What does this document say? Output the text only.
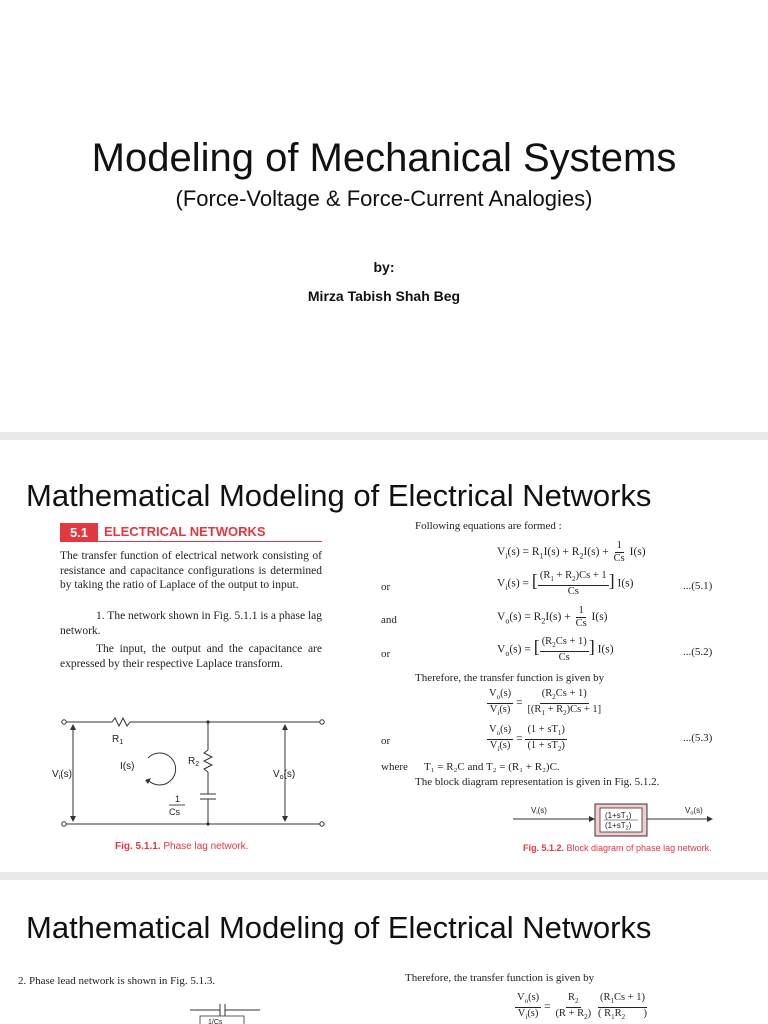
Modeling of Mechanical Systems
(Force-Voltage & Force-Current Analogies)
by:
Mirza Tabish Shah Beg
Mathematical Modeling of Electrical Networks
5.1	ELECTRICAL NETWORKS
The transfer function of electrical network consisting of resistance and capacitance configurations is determined by taking the ratio of Laplace of the output to input.
1. The network shown in Fig. 5.1.1 is a phase lag network.
The input, the output and the capacitance are expressed by their respective Laplace transform.
$R_1$
$R_2$
I(s)
1
Cs
$V_i(s)$	$V_o(s)$
Fig. 5.1.1. Phase lag network.
Following equations are formed :
$V_i(s) = R_1I(s) + R_2I(s) + \frac{1}{Cs} I(s)$
or	$V_i(s)$ = [ $\frac{(R_1 + R_2)Cs + 1}{Cs}$ ] I(s)	...(5.1)
and	$V_o(s) = R_2I(s) + \frac{1}{Cs} I(s)$
or	$V_o(s)$ = [ $\frac{(R_2Cs + 1)}{Cs}$ ] I(s)	...(5.2)
Therefore, the transfer function is given by
$\frac{V_o(s)}{V_i(s)} = \frac{(R_2Cs + 1)}{[(R_1 + R_2)Cs + 1]}$
or	$\frac{V_o(s)}{V_i(s)} = \frac{(1 + sT_1)}{(1 + sT_2)}$	...(5.3)
where T₁ = R₂C and T₂ = (R₁ + R₂)C.
The block diagram representation is given in Fig. 5.1.2.
(1+sT1)
(1+sT2)
Vi(s)	Vo(s)
Fig. 5.1.2. Block diagram of phase lag network.
Mathematical Modeling of Electrical Networks
2. Phase lead network is shown in Fig. 5.1.3.	Therefore, the transfer function is given by
1/Cs	$\frac{V_o(s)}{V_i(s)} = \frac{R_2}{(R + R_2)}$
$\frac{(R_1Cs + 1)}{( R_1R_2 )}$
